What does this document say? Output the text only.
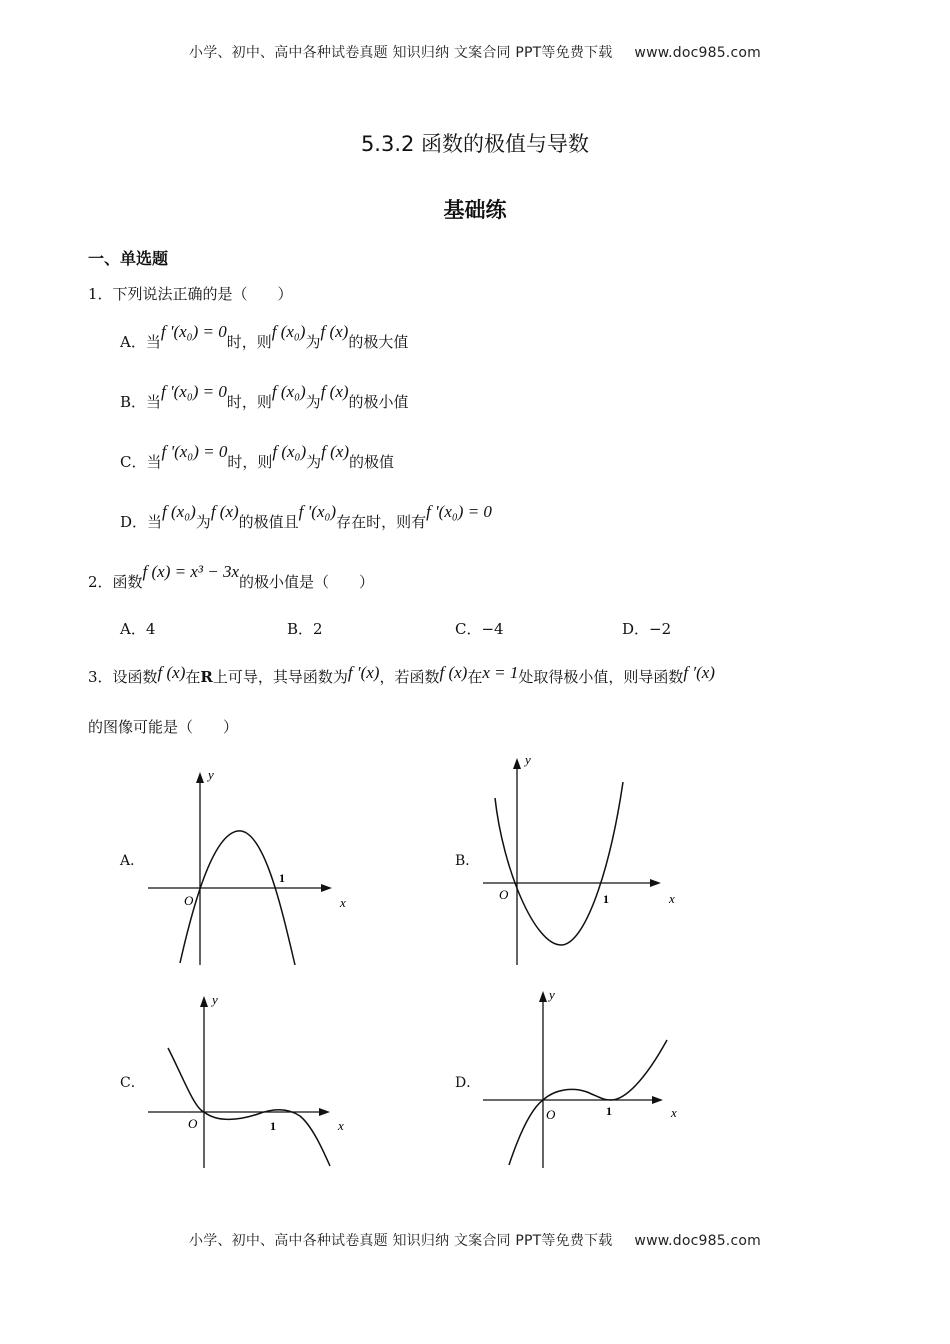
小学、初中、高中各种试卷真题 知识归纳 文案合同 PPT等免费下载 www.doc985.com
5.3.2 函数的极值与导数
基础练
一、单选题
1．下列说法正确的是（　　）
A．当f '(x₀) = 0时，则f (x₀)为f (x)的极大值
B．当f '(x₀) = 0时，则f (x₀)为f (x)的极小值
C．当f '(x₀) = 0时，则f (x₀)为f (x)的极值
D．当f (x₀)为f (x)的极值且f '(x₀)存在时，则有f '(x₀) = 0
2．函数f (x) = x³ − 3x的极小值是（　　）
A．4	B．2	C．−4	D．−2
3．设函数f (x)在R上可导，其导函数为f ′(x)，若函数f (x)在x = 1处取得极小值，则导函数f ′(x)
的图像可能是（　　）
A．	B．
C．	D．
y
x
O
1
y
x
O	1
y
x
O	1
y
x
O	1
小学、初中、高中各种试卷真题 知识归纳 文案合同 PPT等免费下载 www.doc985.com
